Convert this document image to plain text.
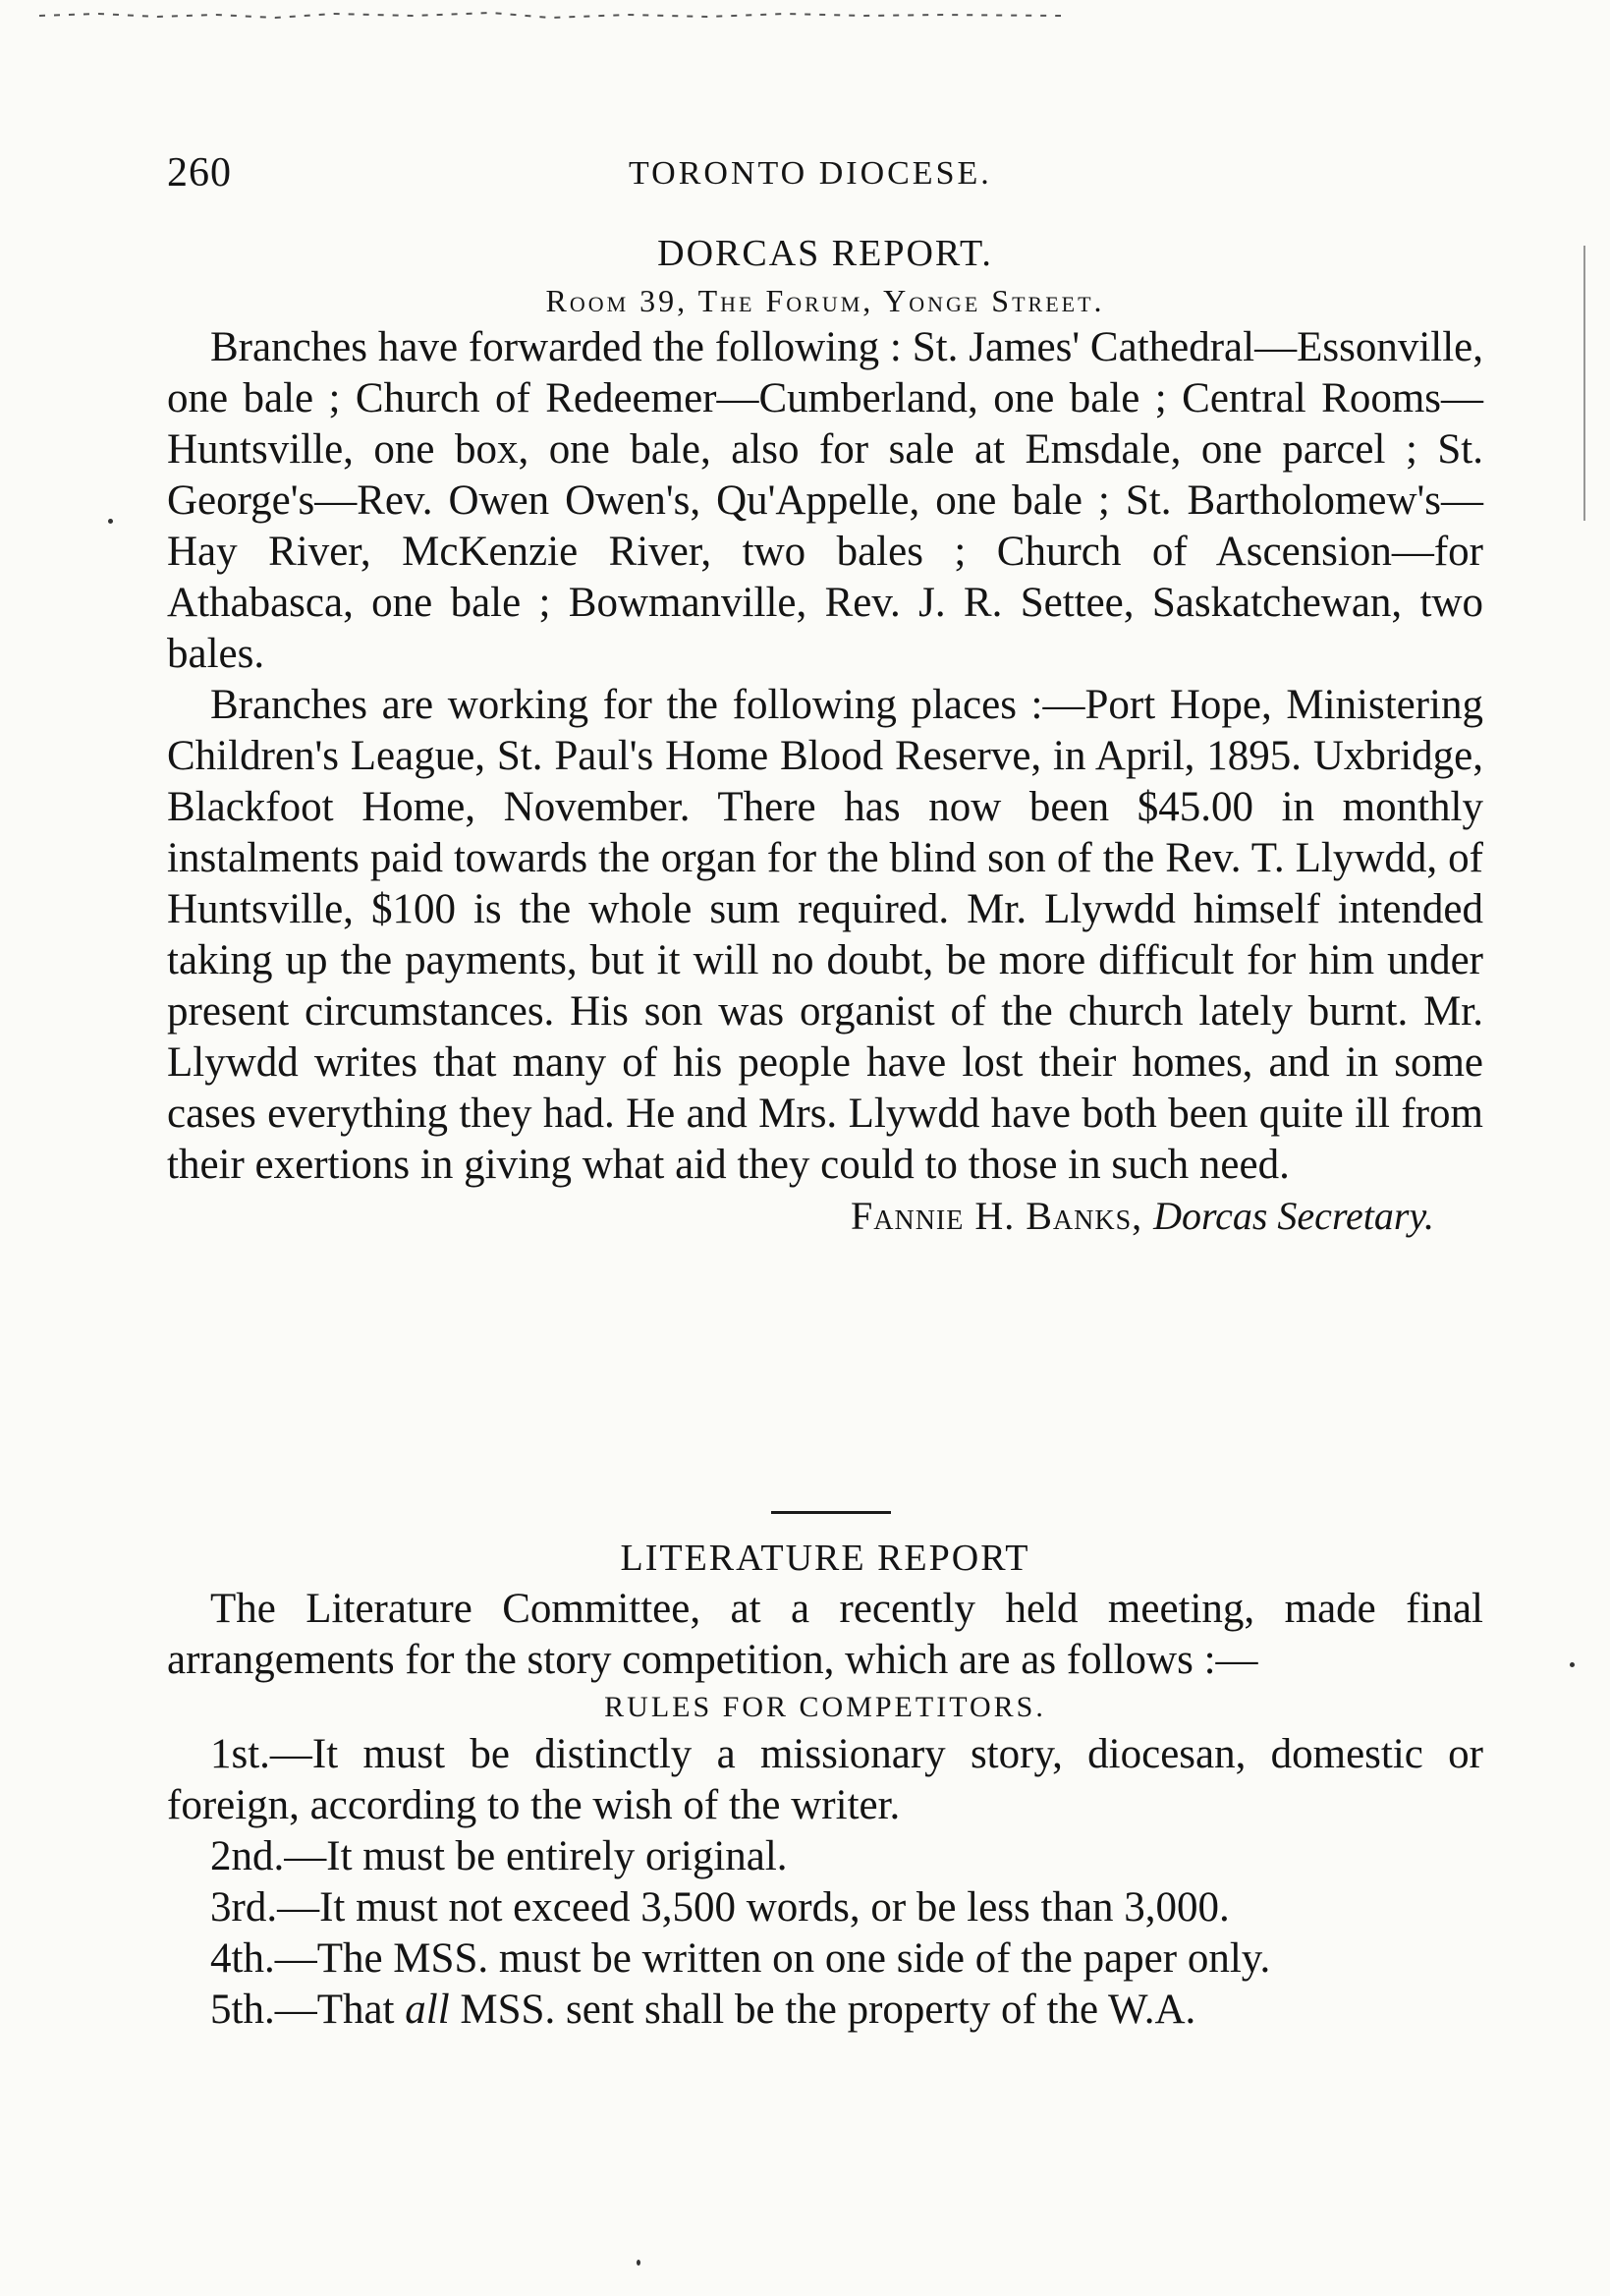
260	TORONTO DIOCESE.
DORCAS REPORT.
Room 39, The Forum, Yonge Street.

Branches have forwarded the following : St. James' Cathedral—Essonville, one bale ; Church of Redeemer—Cumberland, one bale ; Central Rooms—Huntsville, one box, one bale, also for sale at Emsdale, one parcel ; St. George's—Rev. Owen Owen's, Qu'Appelle, one bale ; St. Bartholomew's—Hay River, McKenzie River, two bales ; Church of Ascension—for Athabasca, one bale ; Bowmanville, Rev. J. R. Settee, Saskatchewan, two bales.

Branches are working for the following places :—Port Hope, Ministering Children's League, St. Paul's Home Blood Reserve, in April, 1895. Uxbridge, Blackfoot Home, November. There has now been $45.00 in monthly instalments paid towards the organ for the blind son of the Rev. T. Llywdd, of Huntsville, $100 is the whole sum required. Mr. Llywdd himself intended taking up the payments, but it will no doubt, be more difficult for him under present circumstances. His son was organist of the church lately burnt. Mr. Llywdd writes that many of his people have lost their homes, and in some cases everything they had. He and Mrs. Llywdd have both been quite ill from their exertions in giving what aid they could to those in such need.

Fannie H. Banks, Dorcas Secretary.
LITERATURE REPORT

The Literature Committee, at a recently held meeting, made final arrangements for the story competition, which are as follows :—

RULES FOR COMPETITORS.

1st.—It must be distinctly a missionary story, diocesan, domestic or foreign, according to the wish of the writer.

2nd.—It must be entirely original.

3rd.—It must not exceed 3,500 words, or be less than 3,000.

4th.—The MSS. must be written on one side of the paper only.

5th.—That all MSS. sent shall be the property of the W.A.
